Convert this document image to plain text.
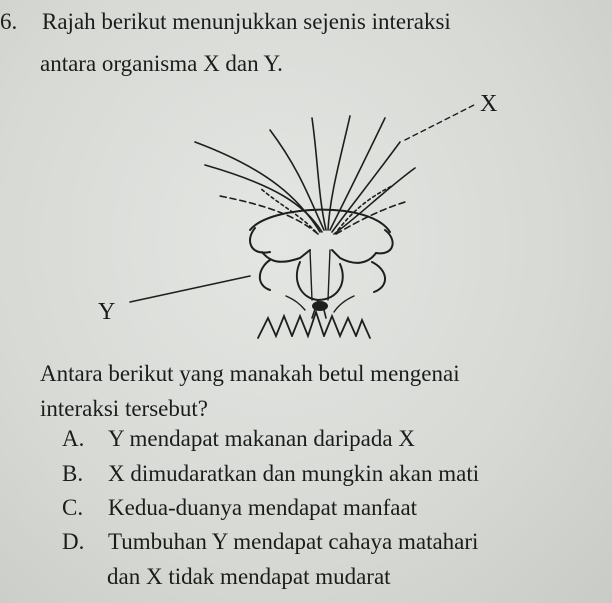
6. Rajah berikut menunjukkan sejenis interaksi
antara organisma X dan Y.
X
Y
Antara berikut yang manakah betul mengenai
interaksi tersebut?
A. Y mendapat makanan daripada X
B. X dimudaratkan dan mungkin akan mati
C. Kedua-duanya mendapat manfaat
D. Tumbuhan Y mendapat cahaya matahari
dan X tidak mendapat mudarat
